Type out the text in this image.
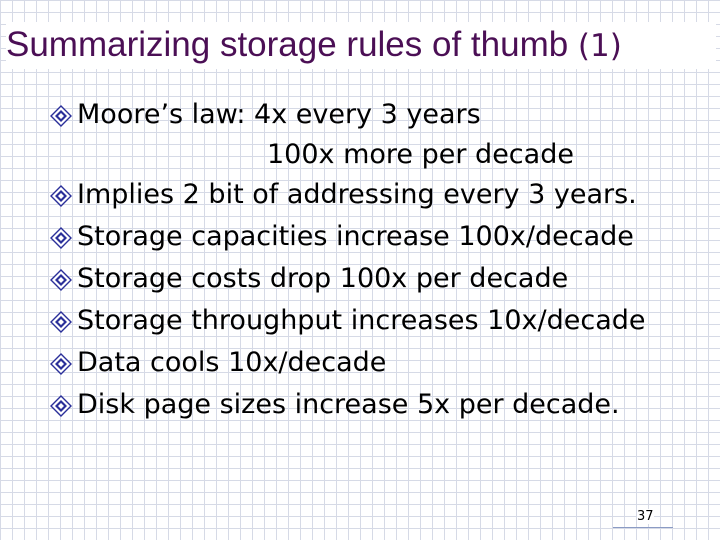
Summarizing storage rules of thumb (1)
Moore’s law: 4x every 3 years
100x more per decade
Implies 2 bit of addressing every 3 years.
Storage capacities increase 100x/decade
Storage costs drop 100x per decade
Storage throughput increases 10x/decade
Data cools 10x/decade
Disk page sizes increase 5x per decade.
37
